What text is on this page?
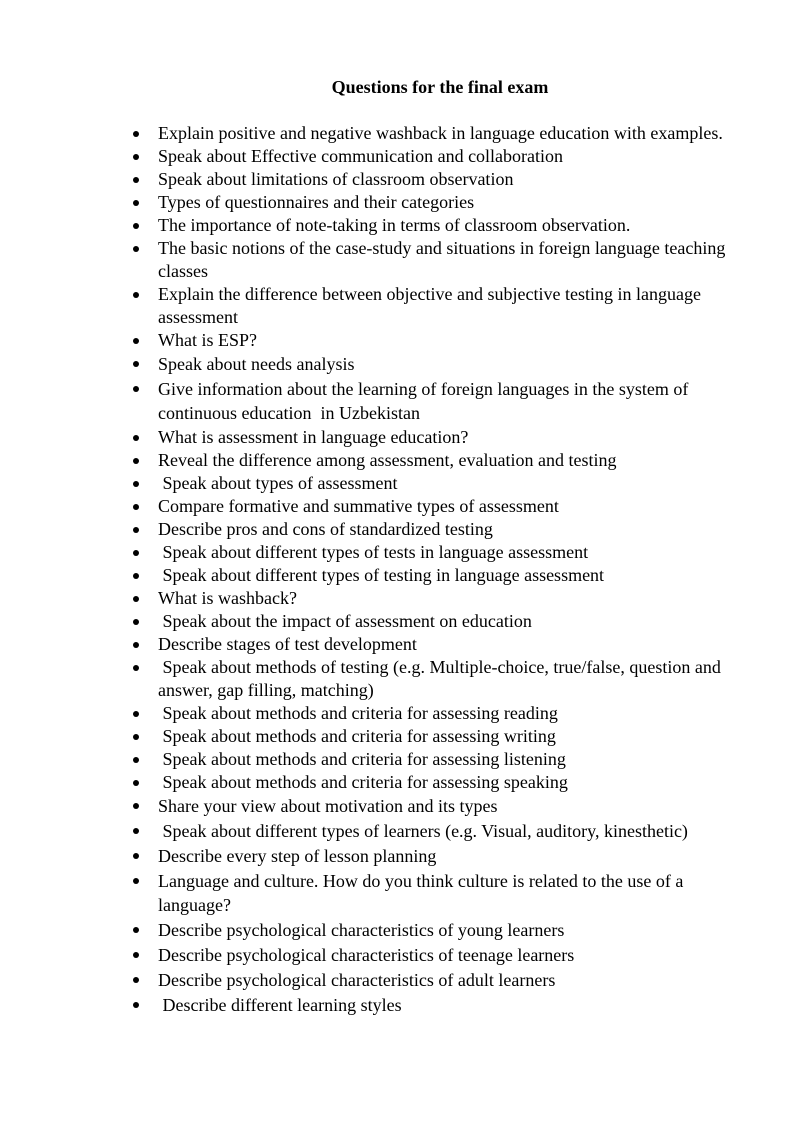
Questions for the final exam
Explain positive and negative washback in language education with examples.
Speak about Effective communication and collaboration
Speak about limitations of classroom observation
Types of questionnaires and their categories
The importance of note-taking in terms of classroom observation.
The basic notions of the case-study and situations in foreign language teaching classes
Explain the difference between objective and subjective testing in language assessment
What is ESP?
Speak about needs analysis
Give information about the learning of foreign languages in the system of continuous education  in Uzbekistan
What is assessment in language education?
Reveal the difference among assessment, evaluation and testing
Speak about types of assessment
Compare formative and summative types of assessment
Describe pros and cons of standardized testing
Speak about different types of tests in language assessment
Speak about different types of testing in language assessment
What is washback?
Speak about the impact of assessment on education
Describe stages of test development
Speak about methods of testing (e.g. Multiple-choice, true/false, question and answer, gap filling, matching)
Speak about methods and criteria for assessing reading
Speak about methods and criteria for assessing writing
Speak about methods and criteria for assessing listening
Speak about methods and criteria for assessing speaking
Share your view about motivation and its types
Speak about different types of learners (e.g. Visual, auditory, kinesthetic)
Describe every step of lesson planning
Language and culture. How do you think culture is related to the use of a language?
Describe psychological characteristics of young learners
Describe psychological characteristics of teenage learners
Describe psychological characteristics of adult learners
Describe different learning styles
